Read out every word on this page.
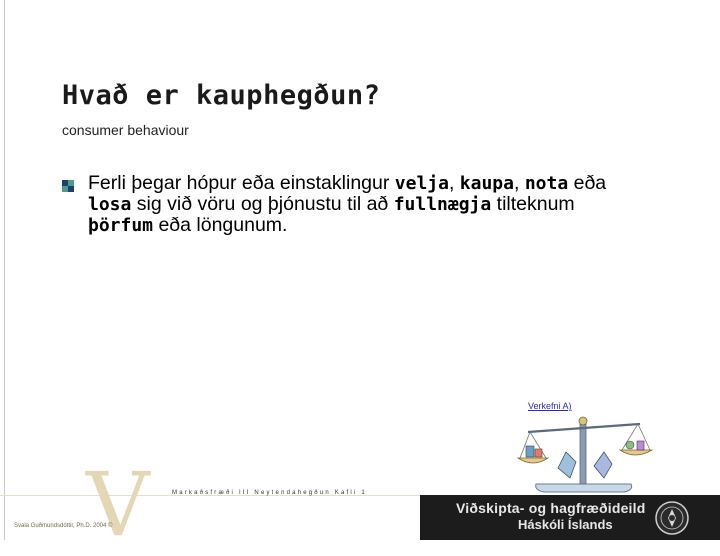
Hvað er kauphegðun?
consumer behaviour

Ferli þegar hópur eða einstaklingur velja, kaupa, nota eða losa sig við vöru og þjónustu til að fullnægja tilteknum þörfum eða löngunum.

Verkefni A)
V	Markaðsfræði III Neytendahegðun Kafli 1
Svala Guðmundsdóttir, Ph.D. 2004 ©
Viðskipta- og hagfræðideild
Háskóli Íslands
